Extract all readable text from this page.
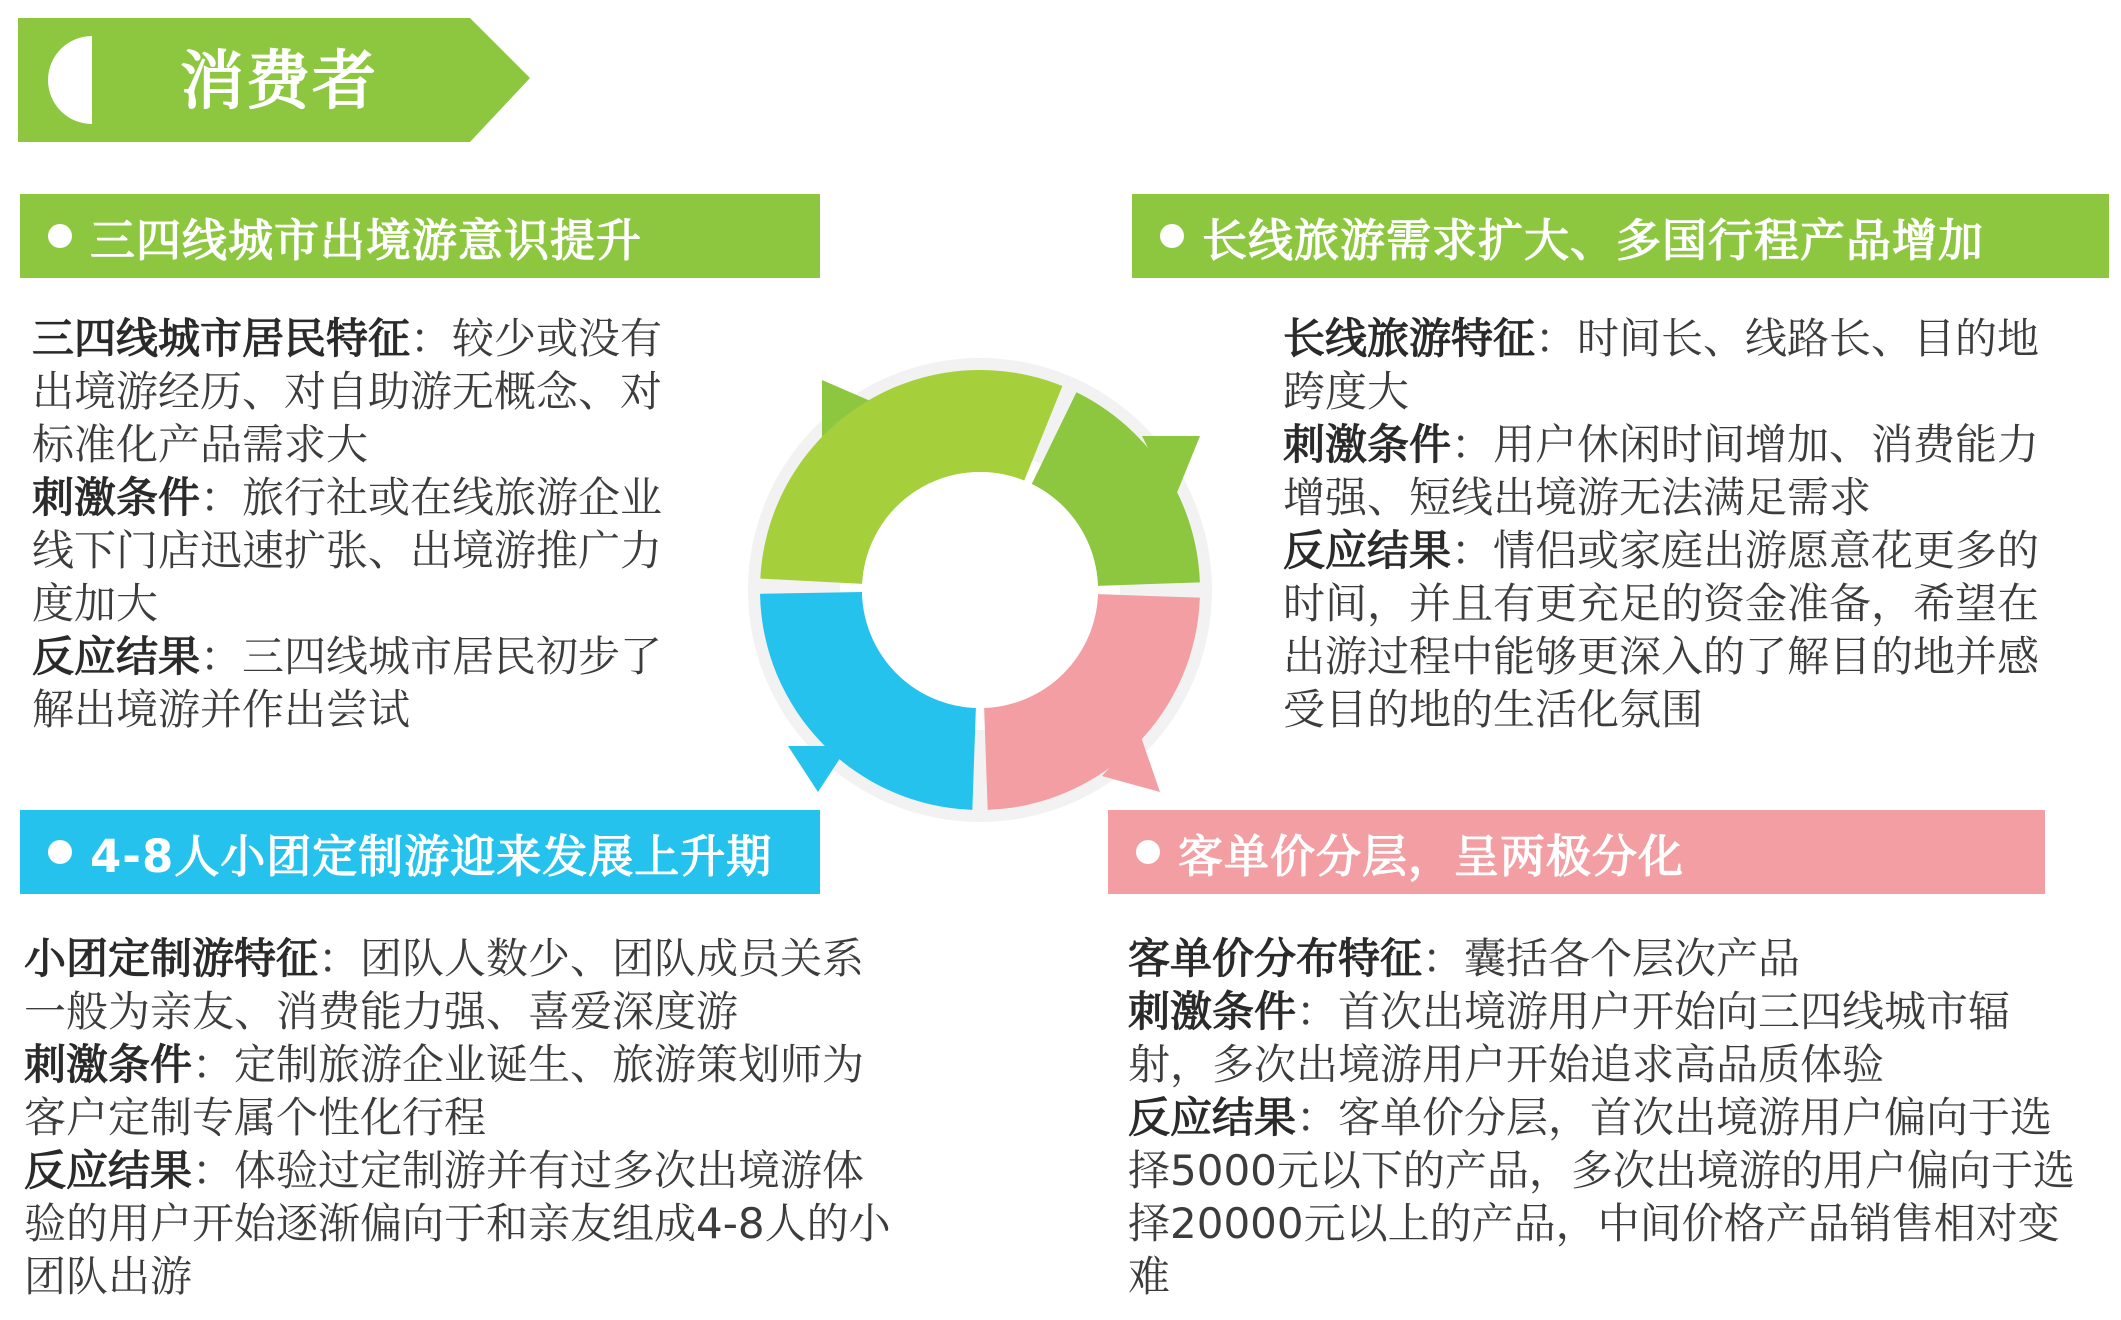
消费者
三四线城市出境游意识提升

三四线城市居民特征：较少或没有出境游经历、对自助游无概念、对标准化产品需求大

刺激条件：旅行社或在线旅游企业线下门店迅速扩张、出境游推广力度加大

反应结果：三四线城市居民初步了解出境游并作出尝试

长线旅游需求扩大、多国行程产品增加

长线旅游特征：时间长、线路长、目的地跨度大

刺激条件：用户休闲时间增加、消费能力增强、短线出境游无法满足需求

反应结果：情侣或家庭出游愿意花更多的 时间，并且有更充足的资金准备，希望在出游过程中能够更深入的了解目的地并感受目的地的生活化氛围

4-8人小团定制游迎来发展上升期

小团定制游特征：团队人数少、团队成员关系一般为亲友、消费能力强、喜爱深度游

刺激条件：定制旅游企业诞生、旅游策划师为客户定制专属个性化行程

反应结果：体验过定制游并有过多次出境游体验的用户开始逐渐偏向于和亲友组成4-8人的小团队出游

客单价分层，呈两极分化

客单价分布特征：囊括各个层次产品

刺激条件：首次出境游用户开始向三四线城市辐射，多次出境游用户开始追求高品质体验

反应结果：客单价分层，首次出境游用户偏向于选择5000元以下的产品，多次出境游的用户偏向于选择20000元以上的产品，中间价格产品销售相对变难
